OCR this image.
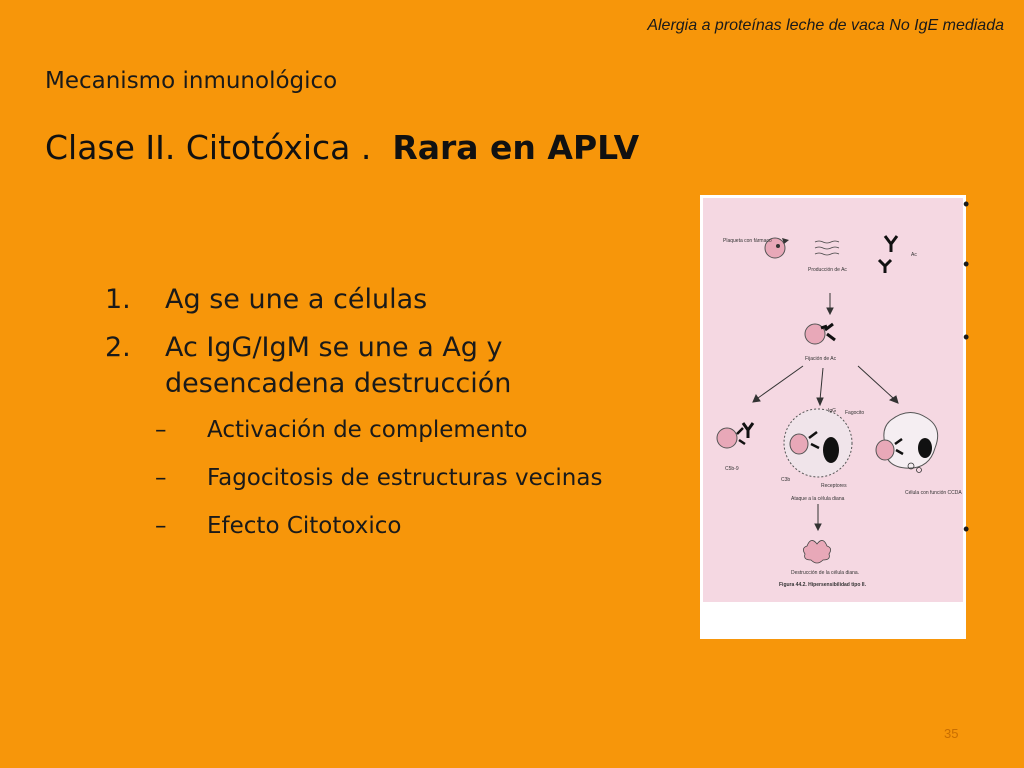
Alergia a proteínas leche de vaca No IgE mediada
Mecanismo inmunológico
Clase II. Citotóxica . Rara en APLV
1. Ag se une a células
2. Ac IgG/IgM se une a Ag y desencadena destrucción
– Activación de complemento
– Fagocitosis de estructuras vecinas
– Efecto Citotoxico
Plaqueta con fármaco
Producción de Ac
Ac
Fijación de Ac
C5b-9
IgG Fagocito
C3b
Receptores
Ataque a la célula diana
Célula con función CCDA
Destrucción de la célula diana.
Figura 44.2. Hipersensibilidad tipo II.
•
•
•
•
35
